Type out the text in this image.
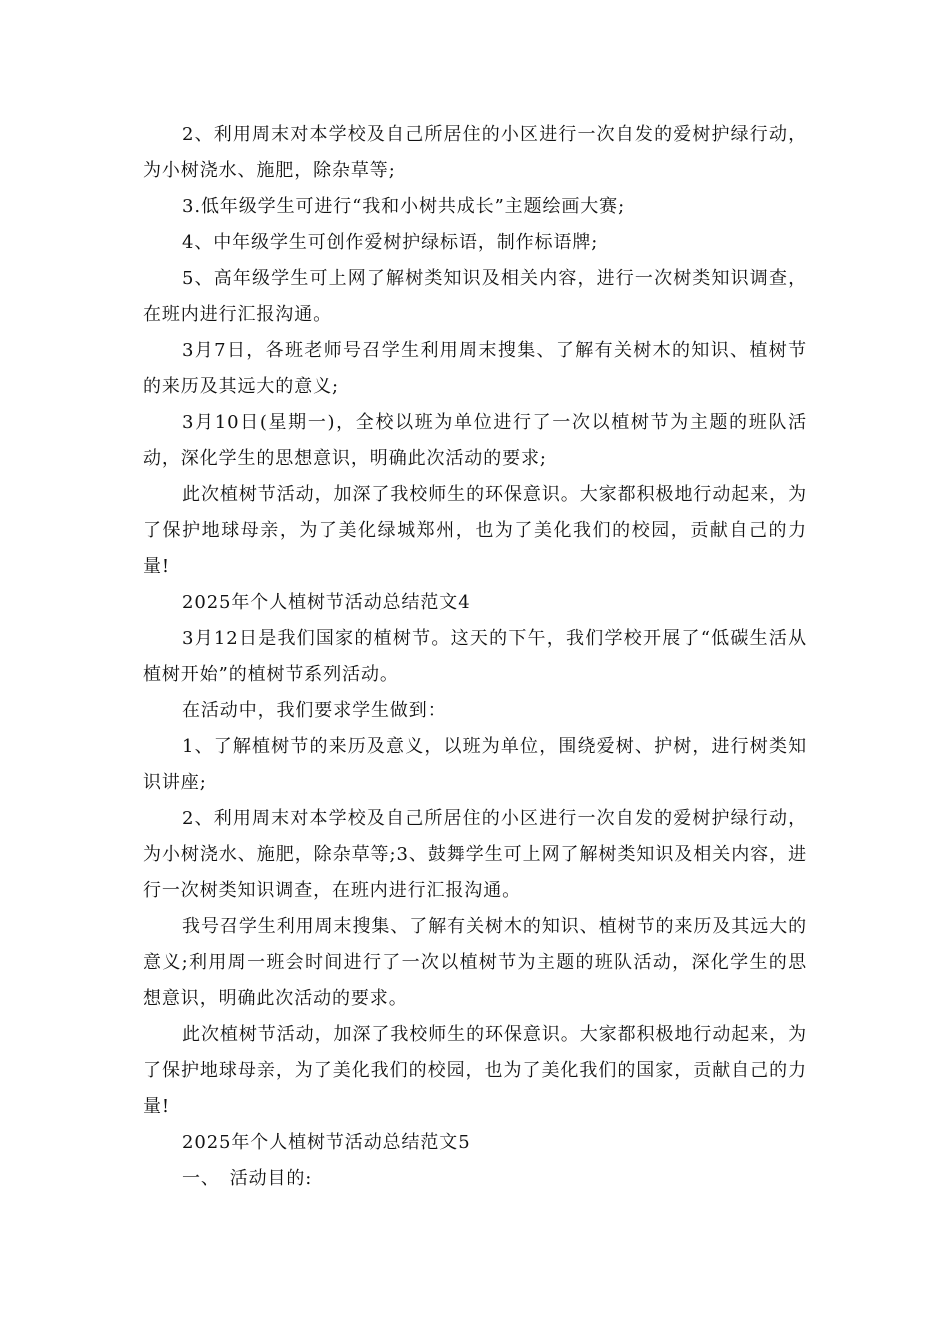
2、利用周末对本学校及自己所居住的小区进行一次自发的爱树护绿行动，为小树浇水、施肥，除杂草等;

3.低年级学生可进行“我和小树共成长”主题绘画大赛;

4、中年级学生可创作爱树护绿标语，制作标语牌;

5、高年级学生可上网了解树类知识及相关内容，进行一次树类知识调查，在班内进行汇报沟通。

3月7日，各班老师号召学生利用周末搜集、了解有关树木的知识、植树节的来历及其远大的意义;

3月10日(星期一)，全校以班为单位进行了一次以植树节为主题的班队活动，深化学生的思想意识，明确此次活动的要求;

此次植树节活动，加深了我校师生的环保意识。大家都积极地行动起来，为了保护地球母亲，为了美化绿城郑州，也为了美化我们的校园，贡献自己的力量!

2025年个人植树节活动总结范文4

3月12日是我们国家的植树节。这天的下午，我们学校开展了“低碳生活从植树开始”的植树节系列活动。

在活动中，我们要求学生做到：

1、了解植树节的来历及意义，以班为单位，围绕爱树、护树，进行树类知识讲座;

2、利用周末对本学校及自己所居住的小区进行一次自发的爱树护绿行动，为小树浇水、施肥，除杂草等;3、鼓舞学生可上网了解树类知识及相关内容，进行一次树类知识调查，在班内进行汇报沟通。

我号召学生利用周末搜集、了解有关树木的知识、植树节的来历及其远大的意义;利用周一班会时间进行了一次以植树节为主题的班队活动，深化学生的思想意识，明确此次活动的要求。

此次植树节活动，加深了我校师生的环保意识。大家都积极地行动起来，为了保护地球母亲，为了美化我们的校园，也为了美化我们的国家，贡献自己的力量!

2025年个人植树节活动总结范文5

一、　活动目的:
